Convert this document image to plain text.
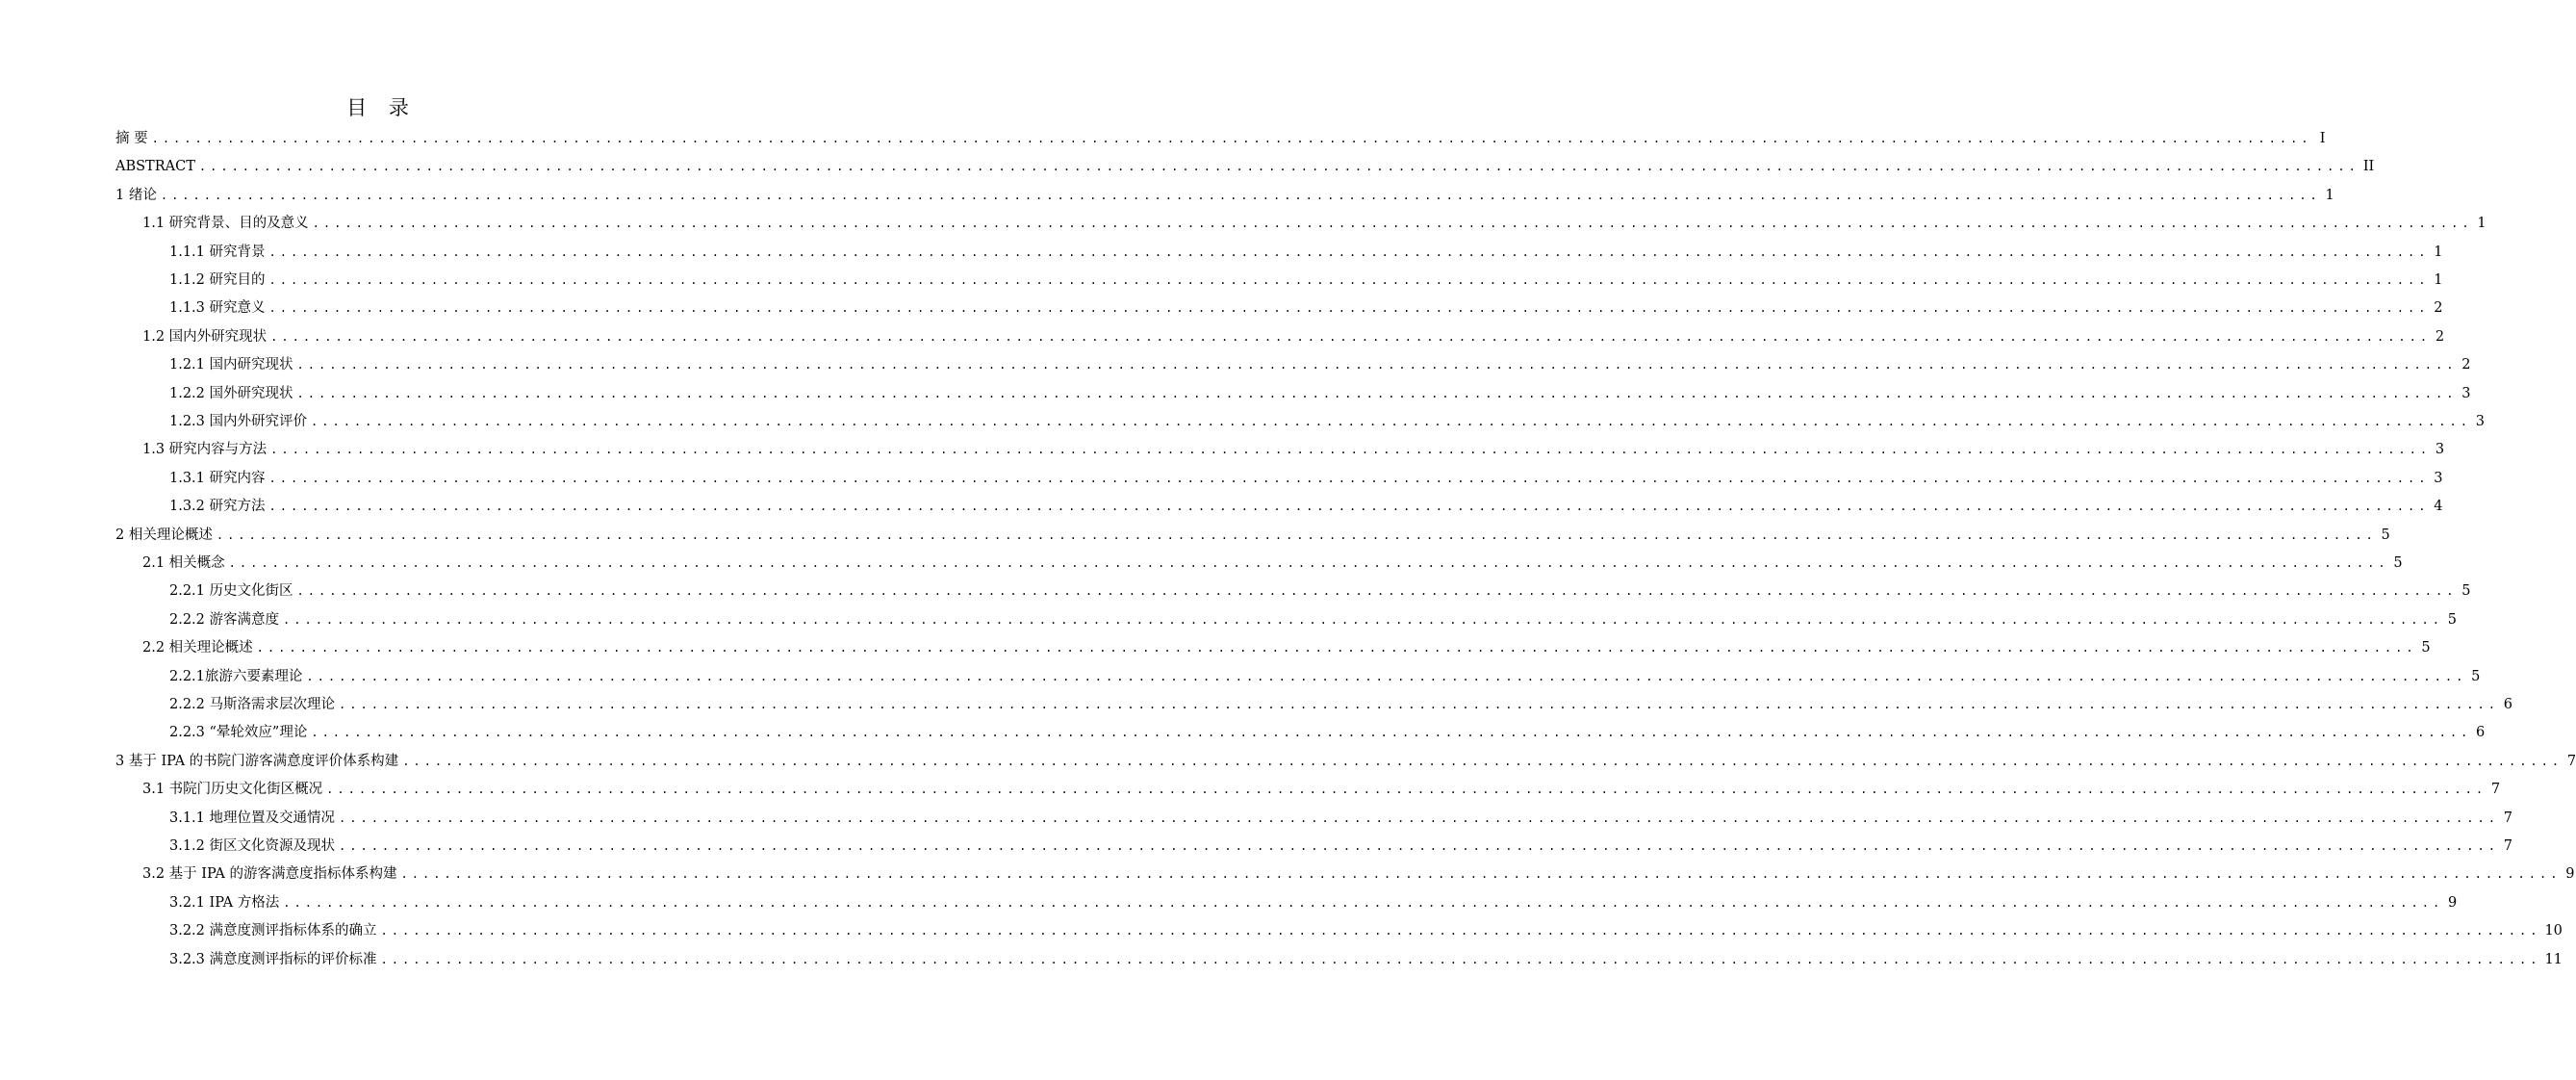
目 录
摘 要 ........................................................................................................................................................................................................ I
ABSTRACT ........................................................................................................................................................................................................ II
1 绪论 ........................................................................................................................................................................................................ 1
1.1 研究背景、目的及意义 ........................................................................................................................................................................................................ 1
1.1.1 研究背景 ........................................................................................................................................................................................................ 1
1.1.2 研究目的 ........................................................................................................................................................................................................ 1
1.1.3 研究意义 ........................................................................................................................................................................................................ 2
1.2 国内外研究现状 ........................................................................................................................................................................................................ 2
1.2.1 国内研究现状 ........................................................................................................................................................................................................ 2
1.2.2 国外研究现状 ........................................................................................................................................................................................................ 3
1.2.3 国内外研究评价 ........................................................................................................................................................................................................ 3
1.3 研究内容与方法 ........................................................................................................................................................................................................ 3
1.3.1 研究内容 ........................................................................................................................................................................................................ 3
1.3.2 研究方法 ........................................................................................................................................................................................................ 4
2 相关理论概述 ........................................................................................................................................................................................................ 5
2.1 相关概念 ........................................................................................................................................................................................................ 5
2.2.1 历史文化街区 ........................................................................................................................................................................................................ 5
2.2.2 游客满意度 ........................................................................................................................................................................................................ 5
2.2 相关理论概述 ........................................................................................................................................................................................................ 5
2.2.1旅游六要素理论 ........................................................................................................................................................................................................ 5
2.2.2 马斯洛需求层次理论 ........................................................................................................................................................................................................ 6
2.2.3 “晕轮效应”理论 ........................................................................................................................................................................................................ 6
3 基于 IPA 的书院门游客满意度评价体系构建 ........................................................................................................................................................................................................ 7
3.1 书院门历史文化街区概况 ........................................................................................................................................................................................................ 7
3.1.1 地理位置及交通情况 ........................................................................................................................................................................................................ 7
3.1.2 街区文化资源及现状 ........................................................................................................................................................................................................ 7
3.2 基于 IPA 的游客满意度指标体系构建 ........................................................................................................................................................................................................ 9
3.2.1 IPA 方格法 ........................................................................................................................................................................................................ 9
3.2.2 满意度测评指标体系的确立 ........................................................................................................................................................................................................ 10
3.2.3 满意度测评指标的评价标准 ........................................................................................................................................................................................................ 11
